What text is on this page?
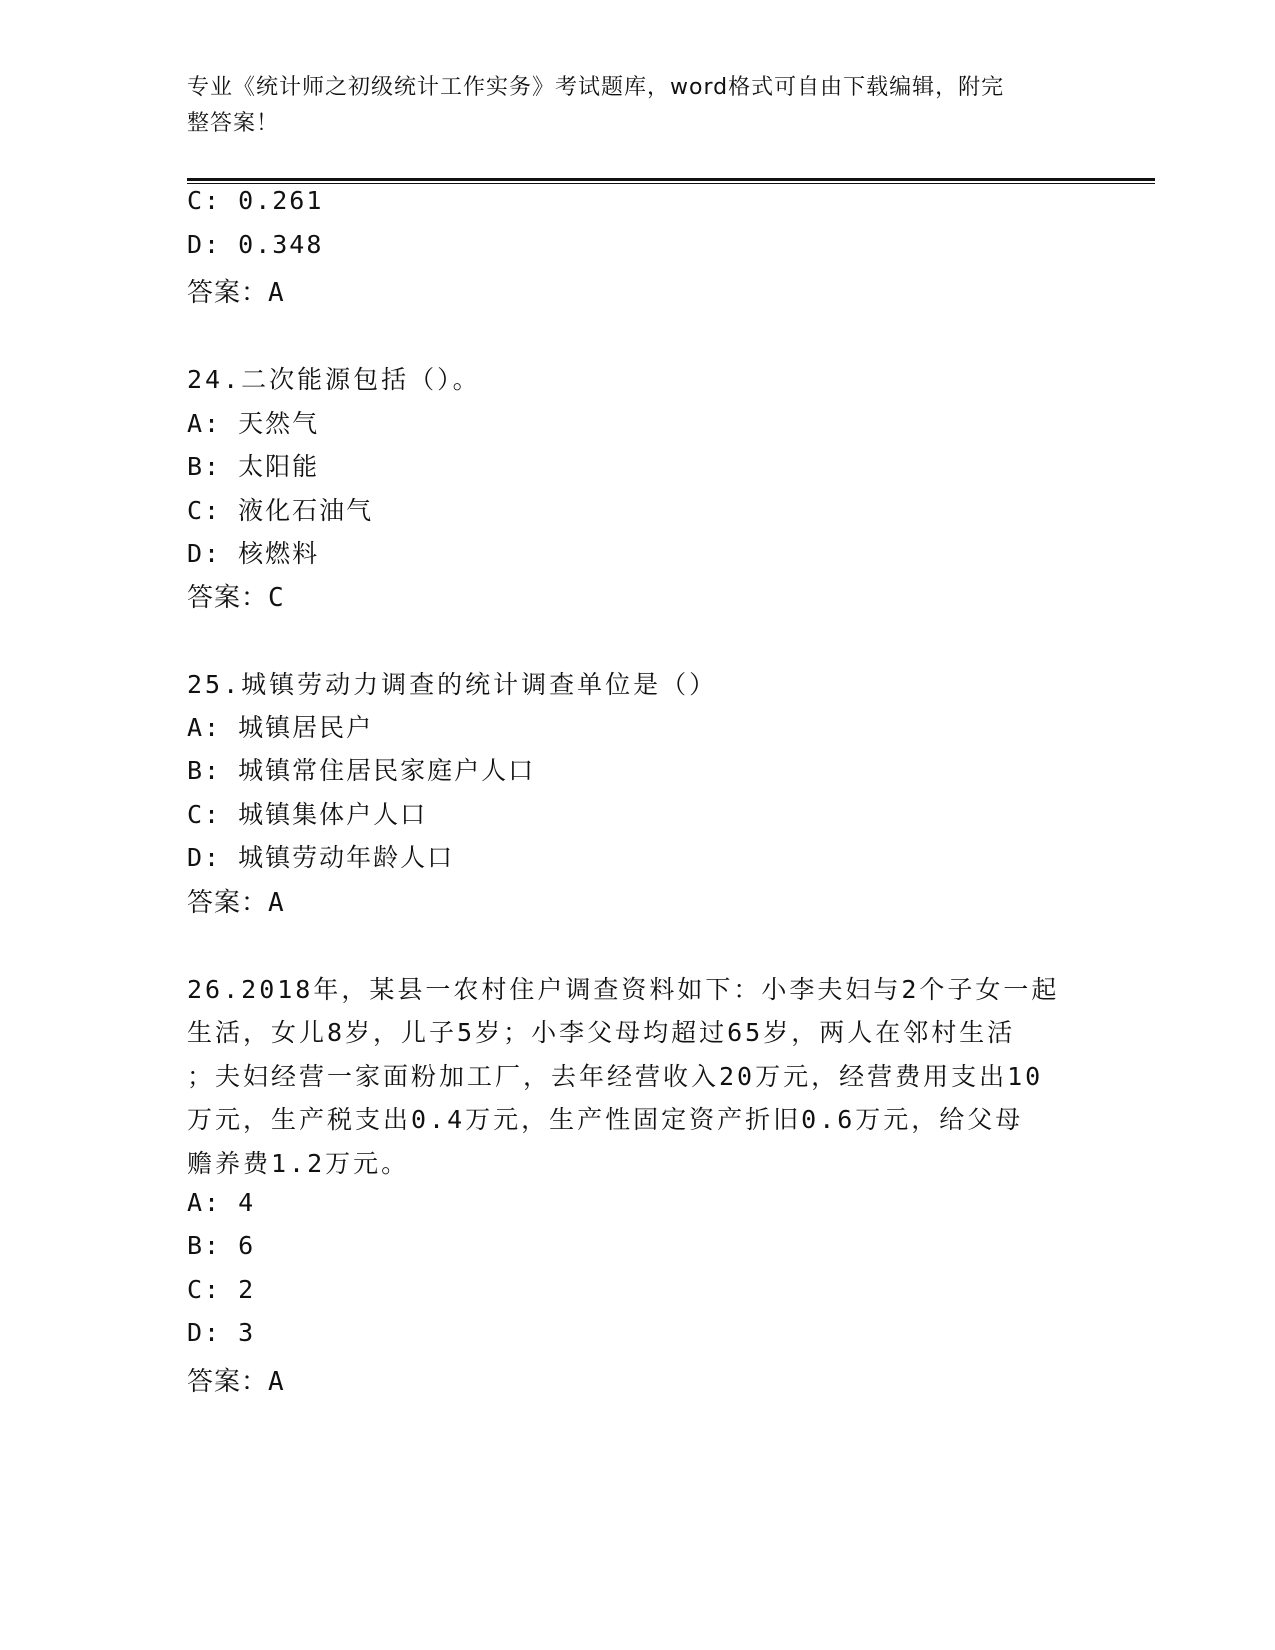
专业《统计师之初级统计工作实务》考试题库，word格式可自由下载编辑，附完
整答案！
C: 0.261
D: 0.348
答案：A
24.二次能源包括（）。
A: 天然气
B: 太阳能
C: 液化石油气
D: 核燃料
答案：C
25.城镇劳动力调查的统计调查单位是（）
A: 城镇居民户
B: 城镇常住居民家庭户人口
C: 城镇集体户人口
D: 城镇劳动年龄人口
答案：A
26.2018年，某县一农村住户调查资料如下：小李夫妇与2个子女一起
生活，女儿8岁，儿子5岁；小李父母均超过65岁，两人在邻村生活
；夫妇经营一家面粉加工厂，去年经营收入20万元，经营费用支出10
万元，生产税支出0.4万元，生产性固定资产折旧0.6万元，给父母
赡养费1.2万元。
A: 4
B: 6
C: 2
D: 3
答案：A
